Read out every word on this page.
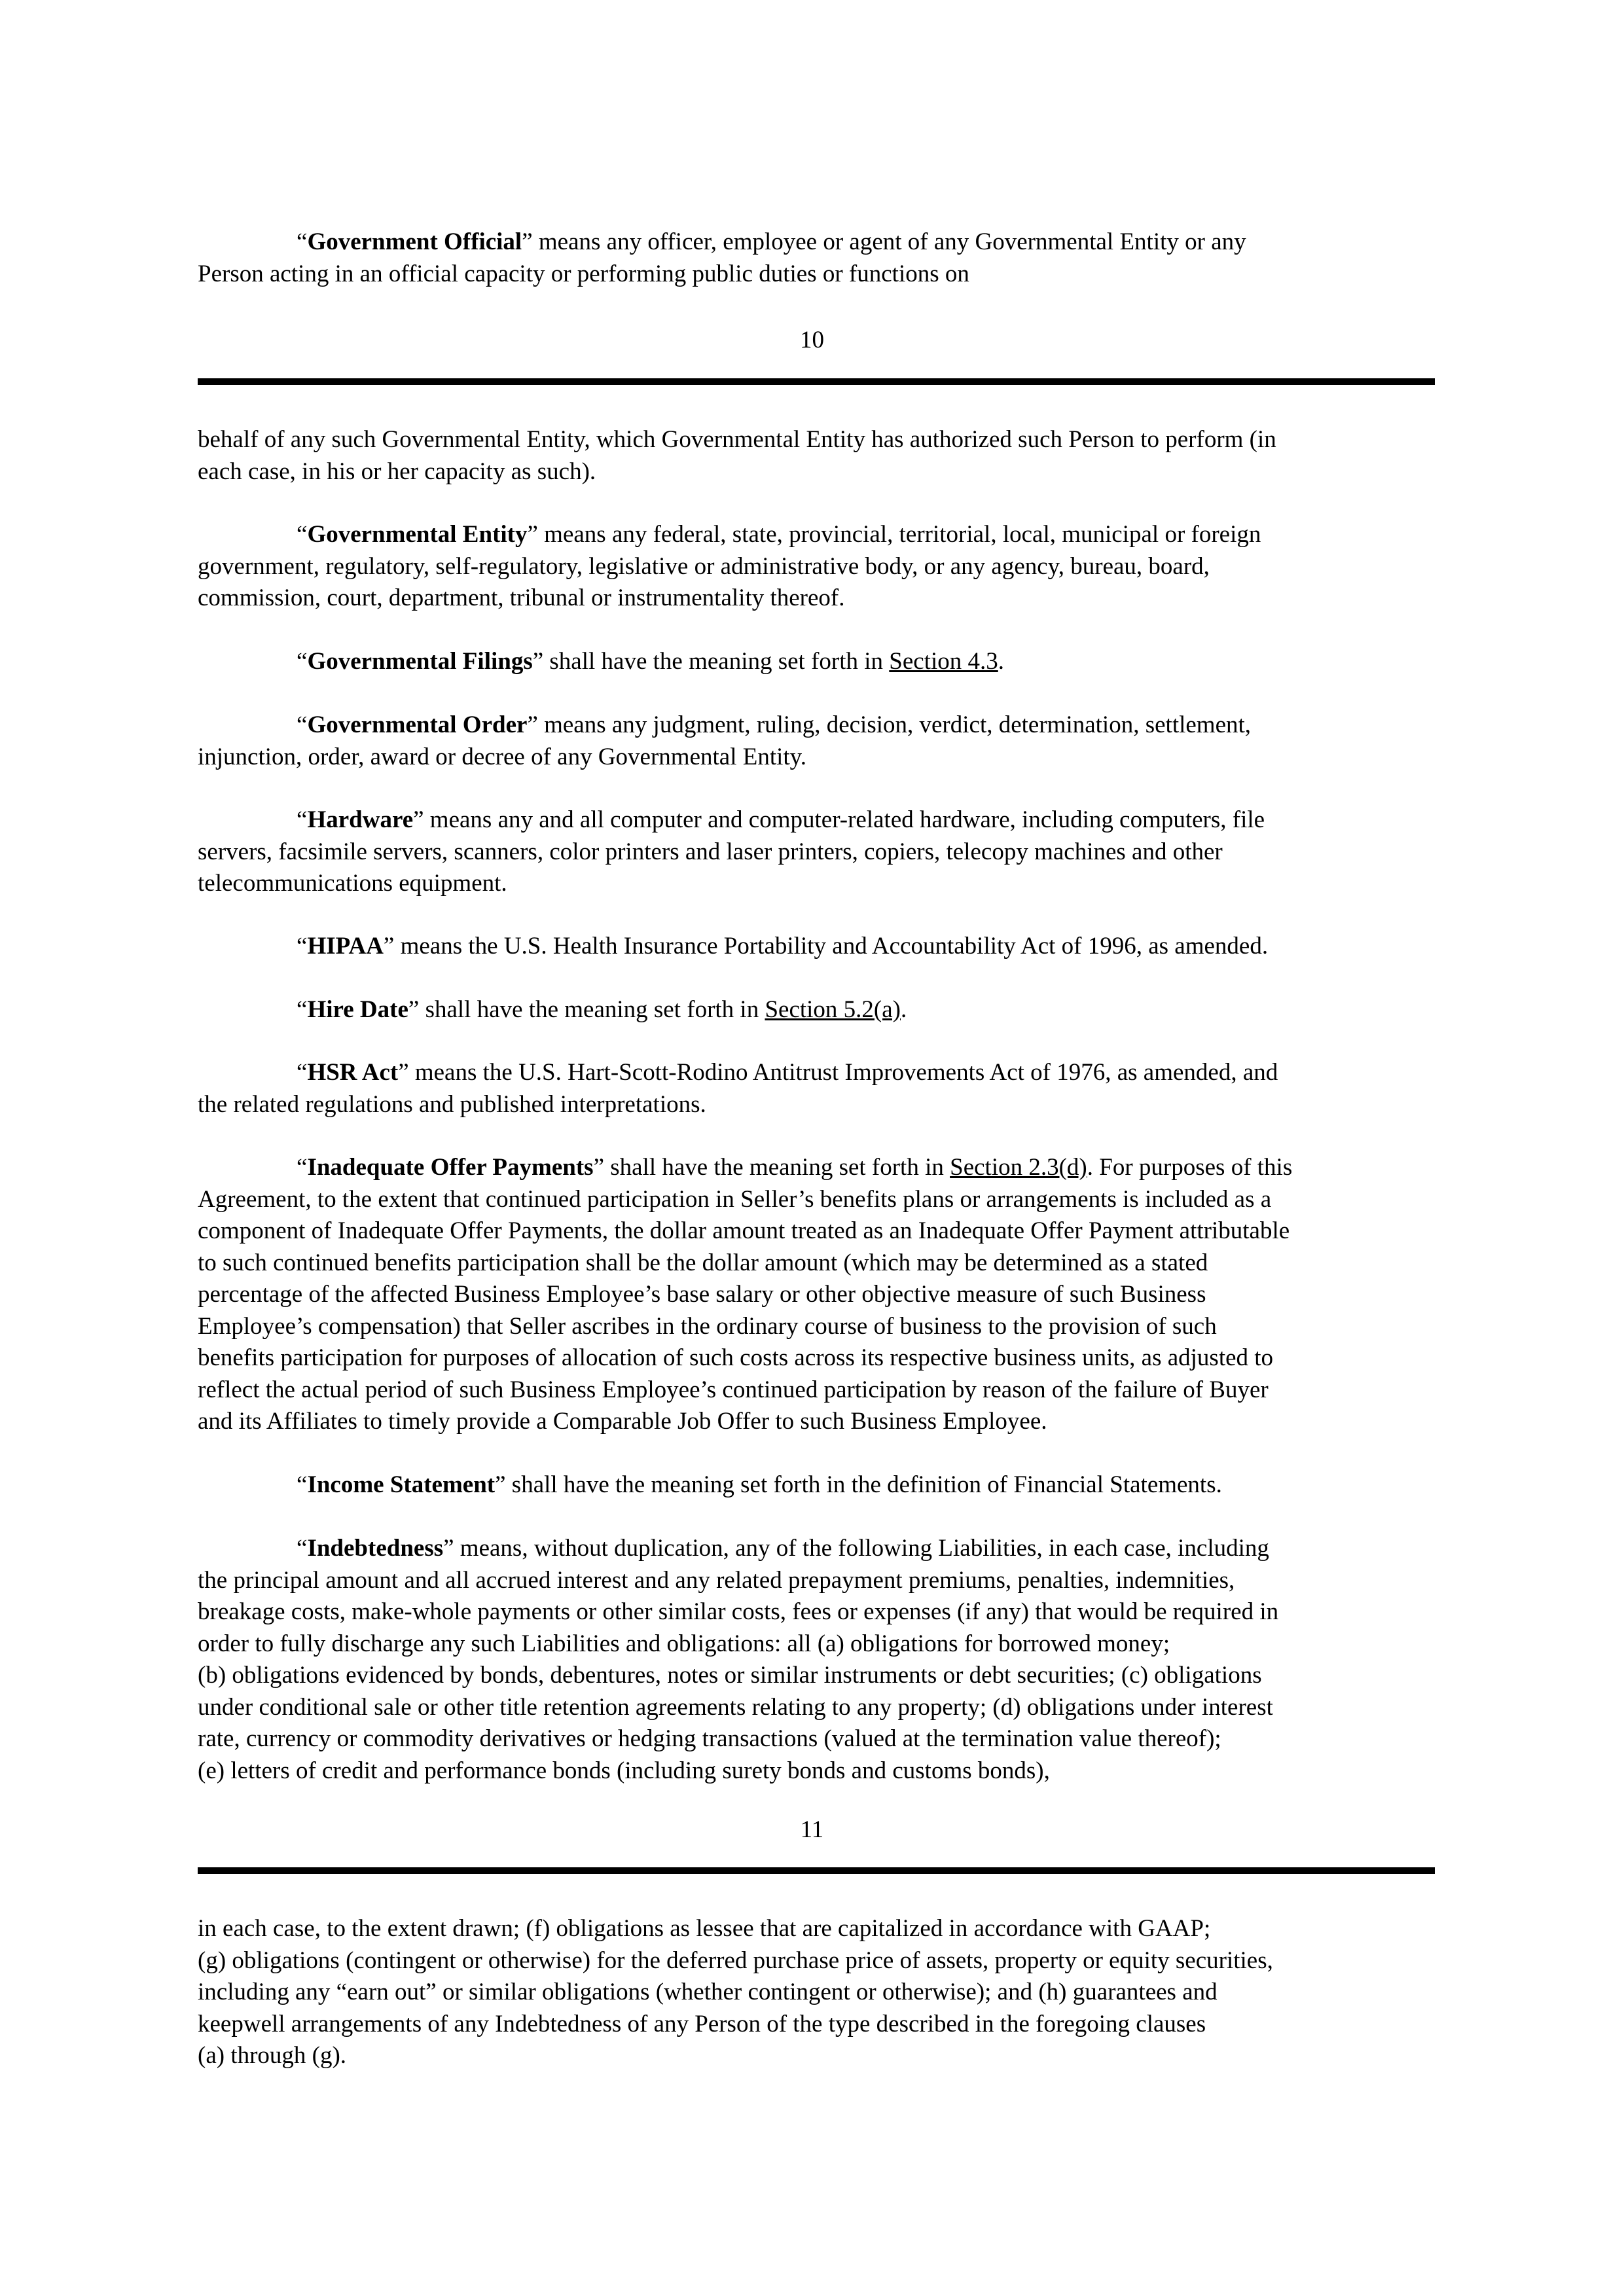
“Government Official” means any officer, employee or agent of any Governmental Entity or any
Person acting in an official capacity or performing public duties or functions on
10
behalf of any such Governmental Entity, which Governmental Entity has authorized such Person to perform (in
each case, in his or her capacity as such).
“Governmental Entity” means any federal, state, provincial, territorial, local, municipal or foreign
government, regulatory, self-regulatory, legislative or administrative body, or any agency, bureau, board,
commission, court, department, tribunal or instrumentality thereof.
“Governmental Filings” shall have the meaning set forth in Section 4.3.
“Governmental Order” means any judgment, ruling, decision, verdict, determination, settlement,
injunction, order, award or decree of any Governmental Entity.
“Hardware” means any and all computer and computer-related hardware, including computers, file
servers, facsimile servers, scanners, color printers and laser printers, copiers, telecopy machines and other
telecommunications equipment.
“HIPAA” means the U.S. Health Insurance Portability and Accountability Act of 1996, as amended.
“Hire Date” shall have the meaning set forth in Section 5.2(a).
“HSR Act” means the U.S. Hart-Scott-Rodino Antitrust Improvements Act of 1976, as amended, and
the related regulations and published interpretations.
“Inadequate Offer Payments” shall have the meaning set forth in Section 2.3(d). For purposes of this
Agreement, to the extent that continued participation in Seller’s benefits plans or arrangements is included as a
component of Inadequate Offer Payments, the dollar amount treated as an Inadequate Offer Payment attributable
to such continued benefits participation shall be the dollar amount (which may be determined as a stated
percentage of the affected Business Employee’s base salary or other objective measure of such Business
Employee’s compensation) that Seller ascribes in the ordinary course of business to the provision of such
benefits participation for purposes of allocation of such costs across its respective business units, as adjusted to
reflect the actual period of such Business Employee’s continued participation by reason of the failure of Buyer
and its Affiliates to timely provide a Comparable Job Offer to such Business Employee.
“Income Statement” shall have the meaning set forth in the definition of Financial Statements.
“Indebtedness” means, without duplication, any of the following Liabilities, in each case, including
the principal amount and all accrued interest and any related prepayment premiums, penalties, indemnities,
breakage costs, make-whole payments or other similar costs, fees or expenses (if any) that would be required in
order to fully discharge any such Liabilities and obligations: all (a) obligations for borrowed money;
(b) obligations evidenced by bonds, debentures, notes or similar instruments or debt securities; (c) obligations
under conditional sale or other title retention agreements relating to any property; (d) obligations under interest
rate, currency or commodity derivatives or hedging transactions (valued at the termination value thereof);
(e) letters of credit and performance bonds (including surety bonds and customs bonds),
11
in each case, to the extent drawn; (f) obligations as lessee that are capitalized in accordance with GAAP;
(g) obligations (contingent or otherwise) for the deferred purchase price of assets, property or equity securities,
including any “earn out” or similar obligations (whether contingent or otherwise); and (h) guarantees and
keepwell arrangements of any Indebtedness of any Person of the type described in the foregoing clauses
(a) through (g).
